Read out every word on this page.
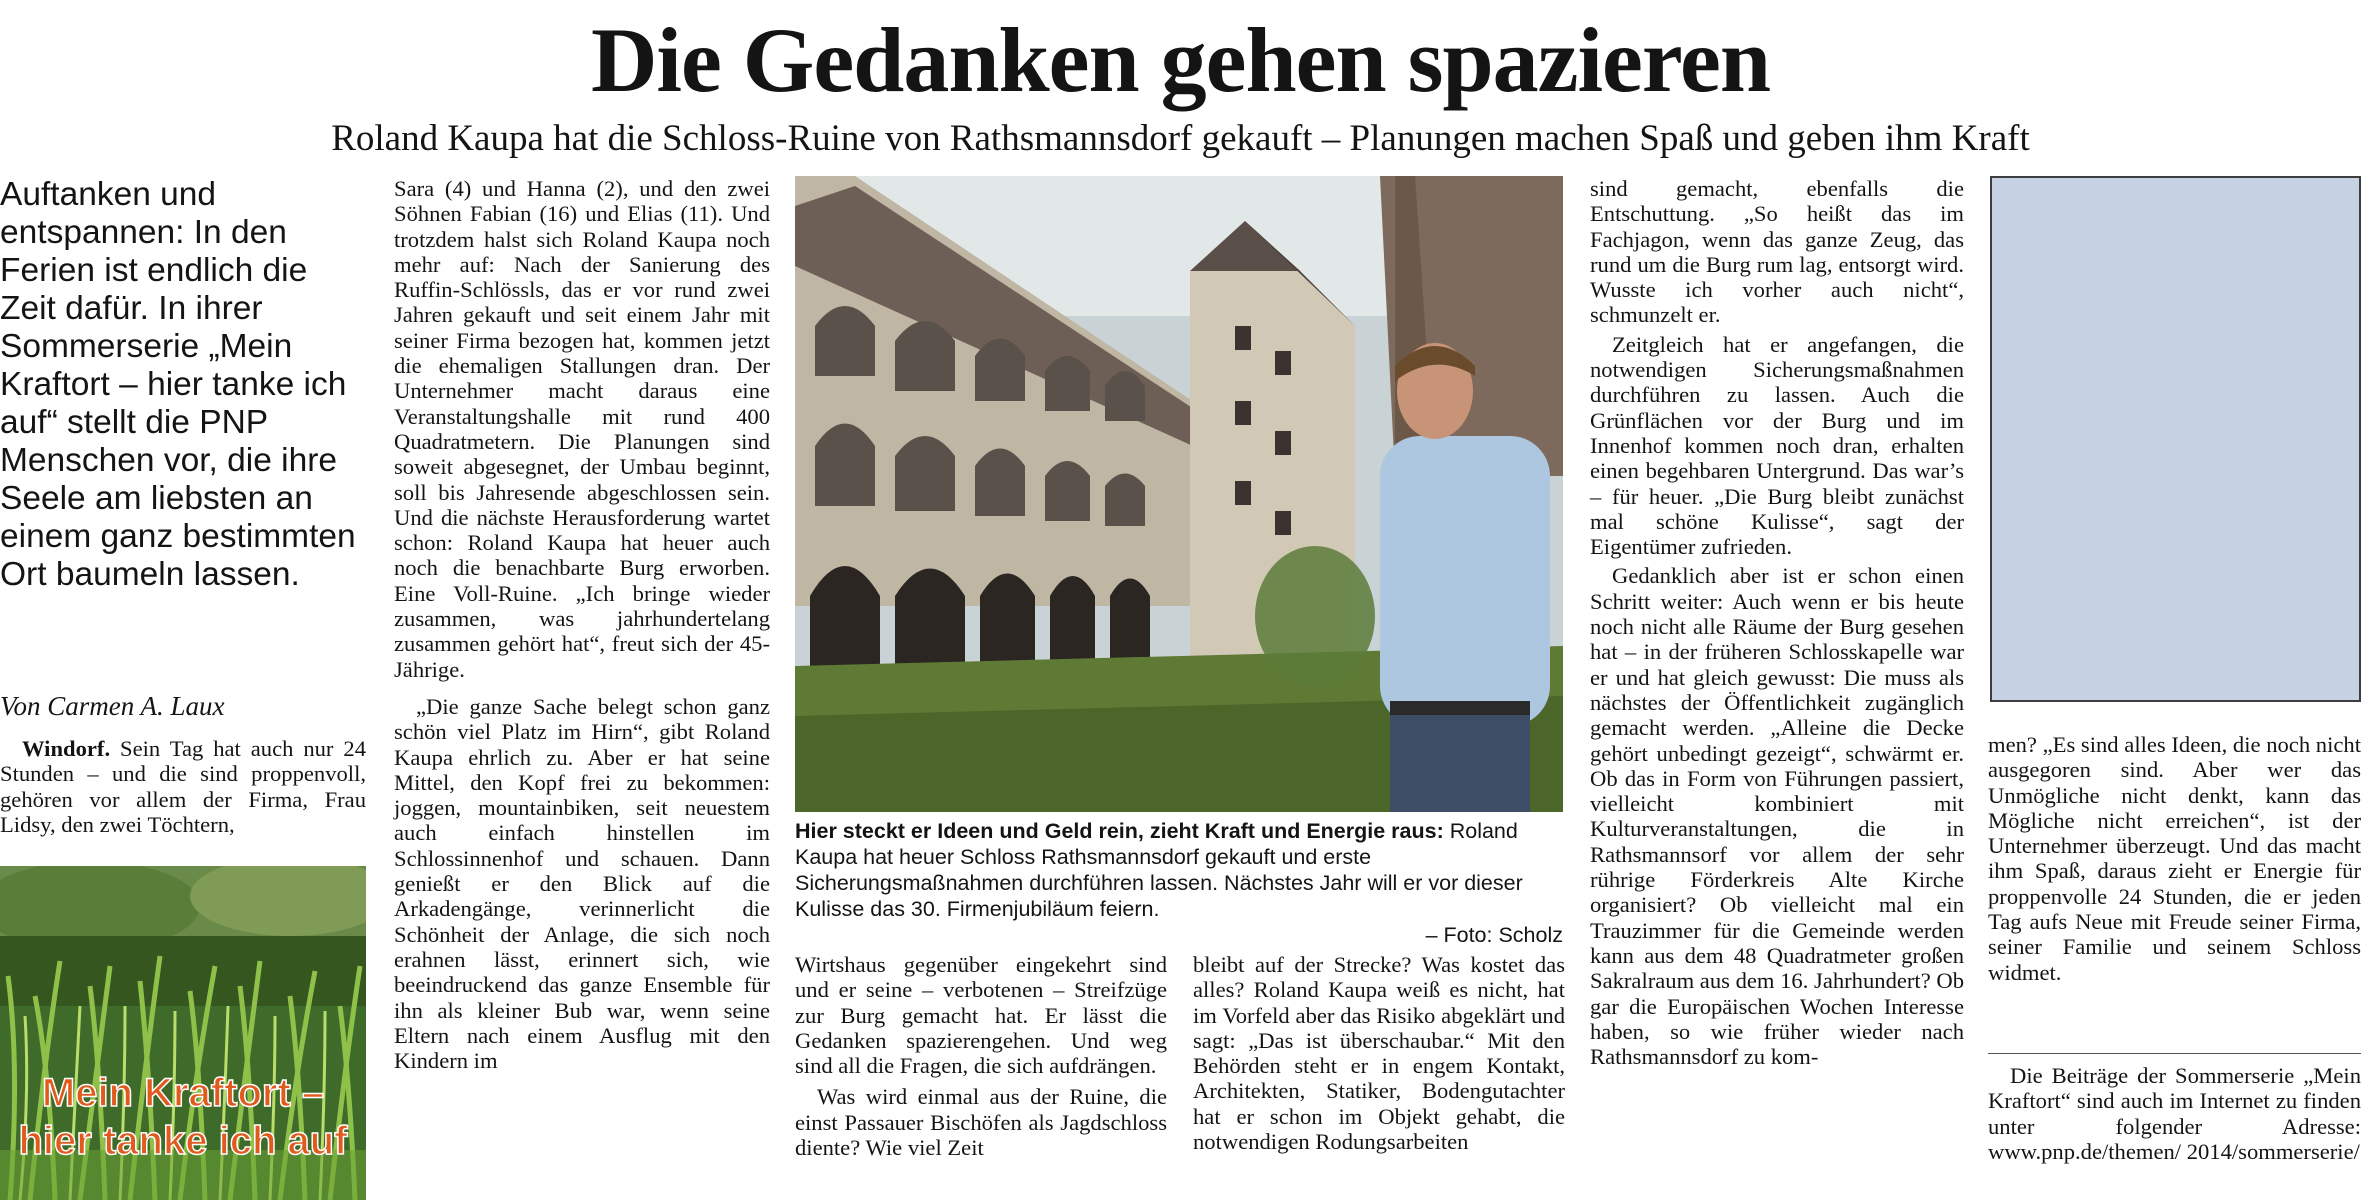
Die Gedanken gehen spazieren
Roland Kaupa hat die Schloss-Ruine von Rathsmannsdorf gekauft – Planungen machen Spaß und geben ihm Kraft

Auftanken und entspannen: In den Ferien ist endlich die Zeit dafür. In ihrer Sommerserie „Mein Kraftort – hier tanke ich auf“ stellt die PNP Menschen vor, die ihre Seele am liebsten an einem ganz bestimmten Ort baumeln lassen.

Von Carmen A. Laux

Windorf. Sein Tag hat auch nur 24 Stunden – und die sind proppenvoll, gehören vor allem der Firma, Frau Lidsy, den zwei Töchtern,

Mein Kraftort –
hier tanke ich auf

Sara (4) und Hanna (2), und den zwei Söhnen Fabian (16) und Elias (11). Und trotzdem halst sich Roland Kaupa noch mehr auf: Nach der Sanierung des Ruffin-Schlössls, das er vor rund zwei Jahren gekauft und seit einem Jahr mit seiner Firma bezogen hat, kommen jetzt die ehemaligen Stallungen dran. Der Unternehmer macht daraus eine Veranstaltungshalle mit rund 400 Quadratmetern. Die Planungen sind soweit abgesegnet, der Umbau beginnt, soll bis Jahresende abgeschlossen sein. Und die nächste Herausforderung wartet schon: Roland Kaupa hat heuer auch noch die benachbarte Burg erworben. Eine Voll-Ruine. „Ich bringe wieder zusammen, was jahrhundertelang zusammen gehört hat“, freut sich der 45-Jährige.

„Die ganze Sache belegt schon ganz schön viel Platz im Hirn“, gibt Roland Kaupa ehrlich zu. Aber er hat seine Mittel, den Kopf frei zu bekommen: joggen, mountainbiken, seit neuestem auch einfach hinstellen im Schlossinnenhof und schauen. Dann genießt er den Blick auf die Arkadengänge, verinnerlicht die Schönheit der Anlage, die sich noch erahnen lässt, erinnert sich, wie beeindruckend das ganze Ensemble für ihn als kleiner Bub war, wenn seine Eltern nach einem Ausflug mit den Kindern im

Hier steckt er Ideen und Geld rein, zieht Kraft und Energie raus: Roland Kaupa hat heuer Schloss Rathsmannsdorf gekauft und erste Sicherungsmaßnahmen durchführen lassen. Nächstes Jahr will er vor dieser Kulisse das 30. Firmenjubiläum feiern.
– Foto: Scholz

Wirtshaus gegenüber eingekehrt sind und er seine – verbotenen – Streifzüge zur Burg gemacht hat. Er lässt die Gedanken spazierengehen. Und weg sind all die Fragen, die sich aufdrängen.

Was wird einmal aus der Ruine, die einst Passauer Bischöfen als Jagdschloss diente? Wie viel Zeit

bleibt auf der Strecke? Was kostet das alles? Roland Kaupa weiß es nicht, hat im Vorfeld aber das Risiko abgeklärt und sagt: „Das ist überschaubar.“ Mit den Behörden steht er in engem Kontakt, Architekten, Statiker, Bodengutachter hat er schon im Objekt gehabt, die notwendigen Rodungsarbeiten

sind gemacht, ebenfalls die Entschuttung. „So heißt das im Fachjagon, wenn das ganze Zeug, das rund um die Burg rum lag, entsorgt wird. Wusste ich vorher auch nicht“, schmunzelt er.

Zeitgleich hat er angefangen, die notwendigen Sicherungsmaßnahmen durchführen zu lassen. Auch die Grünflächen vor der Burg und im Innenhof kommen noch dran, erhalten einen begehbaren Untergrund. Das war’s – für heuer. „Die Burg bleibt zunächst mal schöne Kulisse“, sagt der Eigentümer zufrieden.

Gedanklich aber ist er schon einen Schritt weiter: Auch wenn er bis heute noch nicht alle Räume der Burg gesehen hat – in der früheren Schlosskapelle war er und hat gleich gewusst: Die muss als nächstes der Öffentlichkeit zugänglich gemacht werden. „Alleine die Decke gehört unbedingt gezeigt“, schwärmt er. Ob das in Form von Führungen passiert, vielleicht kombiniert mit Kulturveranstaltungen, die in Rathsmannsorf vor allem der sehr rührige Förderkreis Alte Kirche organisiert? Ob vielleicht mal ein Trauzimmer für die Gemeinde werden kann aus dem 48 Quadratmeter großen Sakralraum aus dem 16. Jahrhundert? Ob gar die Europäischen Wochen Interesse haben, so wie früher wieder nach Rathsmannsdorf zu kom-

men? „Es sind alles Ideen, die noch nicht ausgegoren sind. Aber wer das Unmögliche nicht denkt, kann das Mögliche nicht erreichen“, ist der Unternehmer überzeugt. Und das macht ihm Spaß, daraus zieht er Energie für proppenvolle 24 Stunden, die er jeden Tag aufs Neue mit Freude seiner Firma, seiner Familie und seinem Schloss widmet.

Die Beiträge der Sommerserie „Mein Kraftort“ sind auch im Internet zu finden unter folgender Adresse: www.pnp.de/themen/ 2014/sommerserie/
